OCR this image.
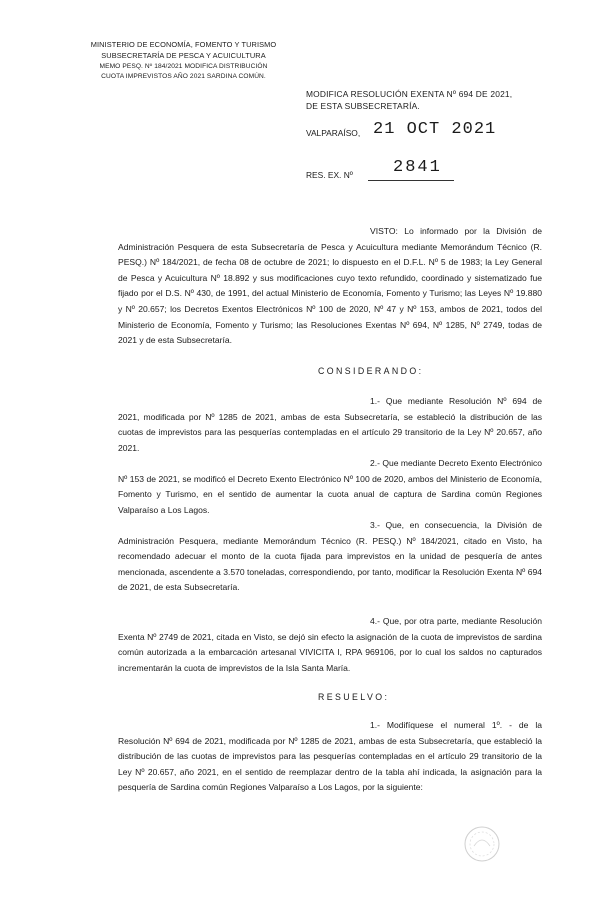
MINISTERIO DE ECONOMÍA, FOMENTO Y TURISMO
SUBSECRETARÍA DE PESCA Y ACUICULTURA
MEMO PESQ. Nº 184/2021 MODIFICA DISTRIBUCIÓN
CUOTA IMPREVISTOS AÑO 2021 SARDINA COMÚN.
MODIFICA RESOLUCIÓN EXENTA Nº 694 DE 2021,
DE ESTA SUBSECRETARÍA.
VALPARAÍSO, 21 OCT 2021
RES. EX. Nº 2841
VISTO: Lo informado por la División de Administración Pesquera de esta Subsecretaría de Pesca y Acuicultura mediante Memorándum Técnico (R. PESQ.) Nº 184/2021, de fecha 08 de octubre de 2021; lo dispuesto en el D.F.L. Nº 5 de 1983; la Ley General de Pesca y Acuicultura Nº 18.892 y sus modificaciones cuyo texto refundido, coordinado y sistematizado fue fijado por el D.S. Nº 430, de 1991, del actual Ministerio de Economía, Fomento y Turismo; las Leyes Nº 19.880 y Nº 20.657; los Decretos Exentos Electrónicos Nº 100 de 2020, Nº 47 y Nº 153, ambos de 2021, todos del Ministerio de Economía, Fomento y Turismo; las Resoluciones Exentas Nº 694, Nº 1285, Nº 2749, todas de 2021 y de esta Subsecretaría.
CONSIDERANDO:
1.- Que mediante Resolución Nº 694 de 2021, modificada por Nº 1285 de 2021, ambas de esta Subsecretaría, se estableció la distribución de las cuotas de imprevistos para las pesquerías contempladas en el artículo 29 transitorio de la Ley Nº 20.657, año 2021.
2.- Que mediante Decreto Exento Electrónico Nº 153 de 2021, se modificó el Decreto Exento Electrónico Nº 100 de 2020, ambos del Ministerio de Economía, Fomento y Turismo, en el sentido de aumentar la cuota anual de captura de Sardina común Regiones Valparaíso a Los Lagos.
3.- Que, en consecuencia, la División de Administración Pesquera, mediante Memorándum Técnico (R. PESQ.) Nº 184/2021, citado en Visto, ha recomendado adecuar el monto de la cuota fijada para imprevistos en la unidad de pesquería de antes mencionada, ascendente a 3.570 toneladas, correspondiendo, por tanto, modificar la Resolución Exenta Nº 694 de 2021, de esta Subsecretaría.
4.- Que, por otra parte, mediante Resolución Exenta Nº 2749 de 2021, citada en Visto, se dejó sin efecto la asignación de la cuota de imprevistos de sardina común autorizada a la embarcación artesanal VIVICITA I, RPA 969106, por lo cual los saldos no capturados incrementarán la cuota de imprevistos de la Isla Santa María.
RESUELVO:
1.- Modifíquese el numeral 1º. - de la Resolución Nº 694 de 2021, modificada por Nº 1285 de 2021, ambas de esta Subsecretaría, que estableció la distribución de las cuotas de imprevistos para las pesquerías contempladas en el artículo 29 transitorio de la Ley Nº 20.657, año 2021, en el sentido de reemplazar dentro de la tabla ahí indicada, la asignación para la pesquería de Sardina común Regiones Valparaíso a Los Lagos, por la siguiente:
